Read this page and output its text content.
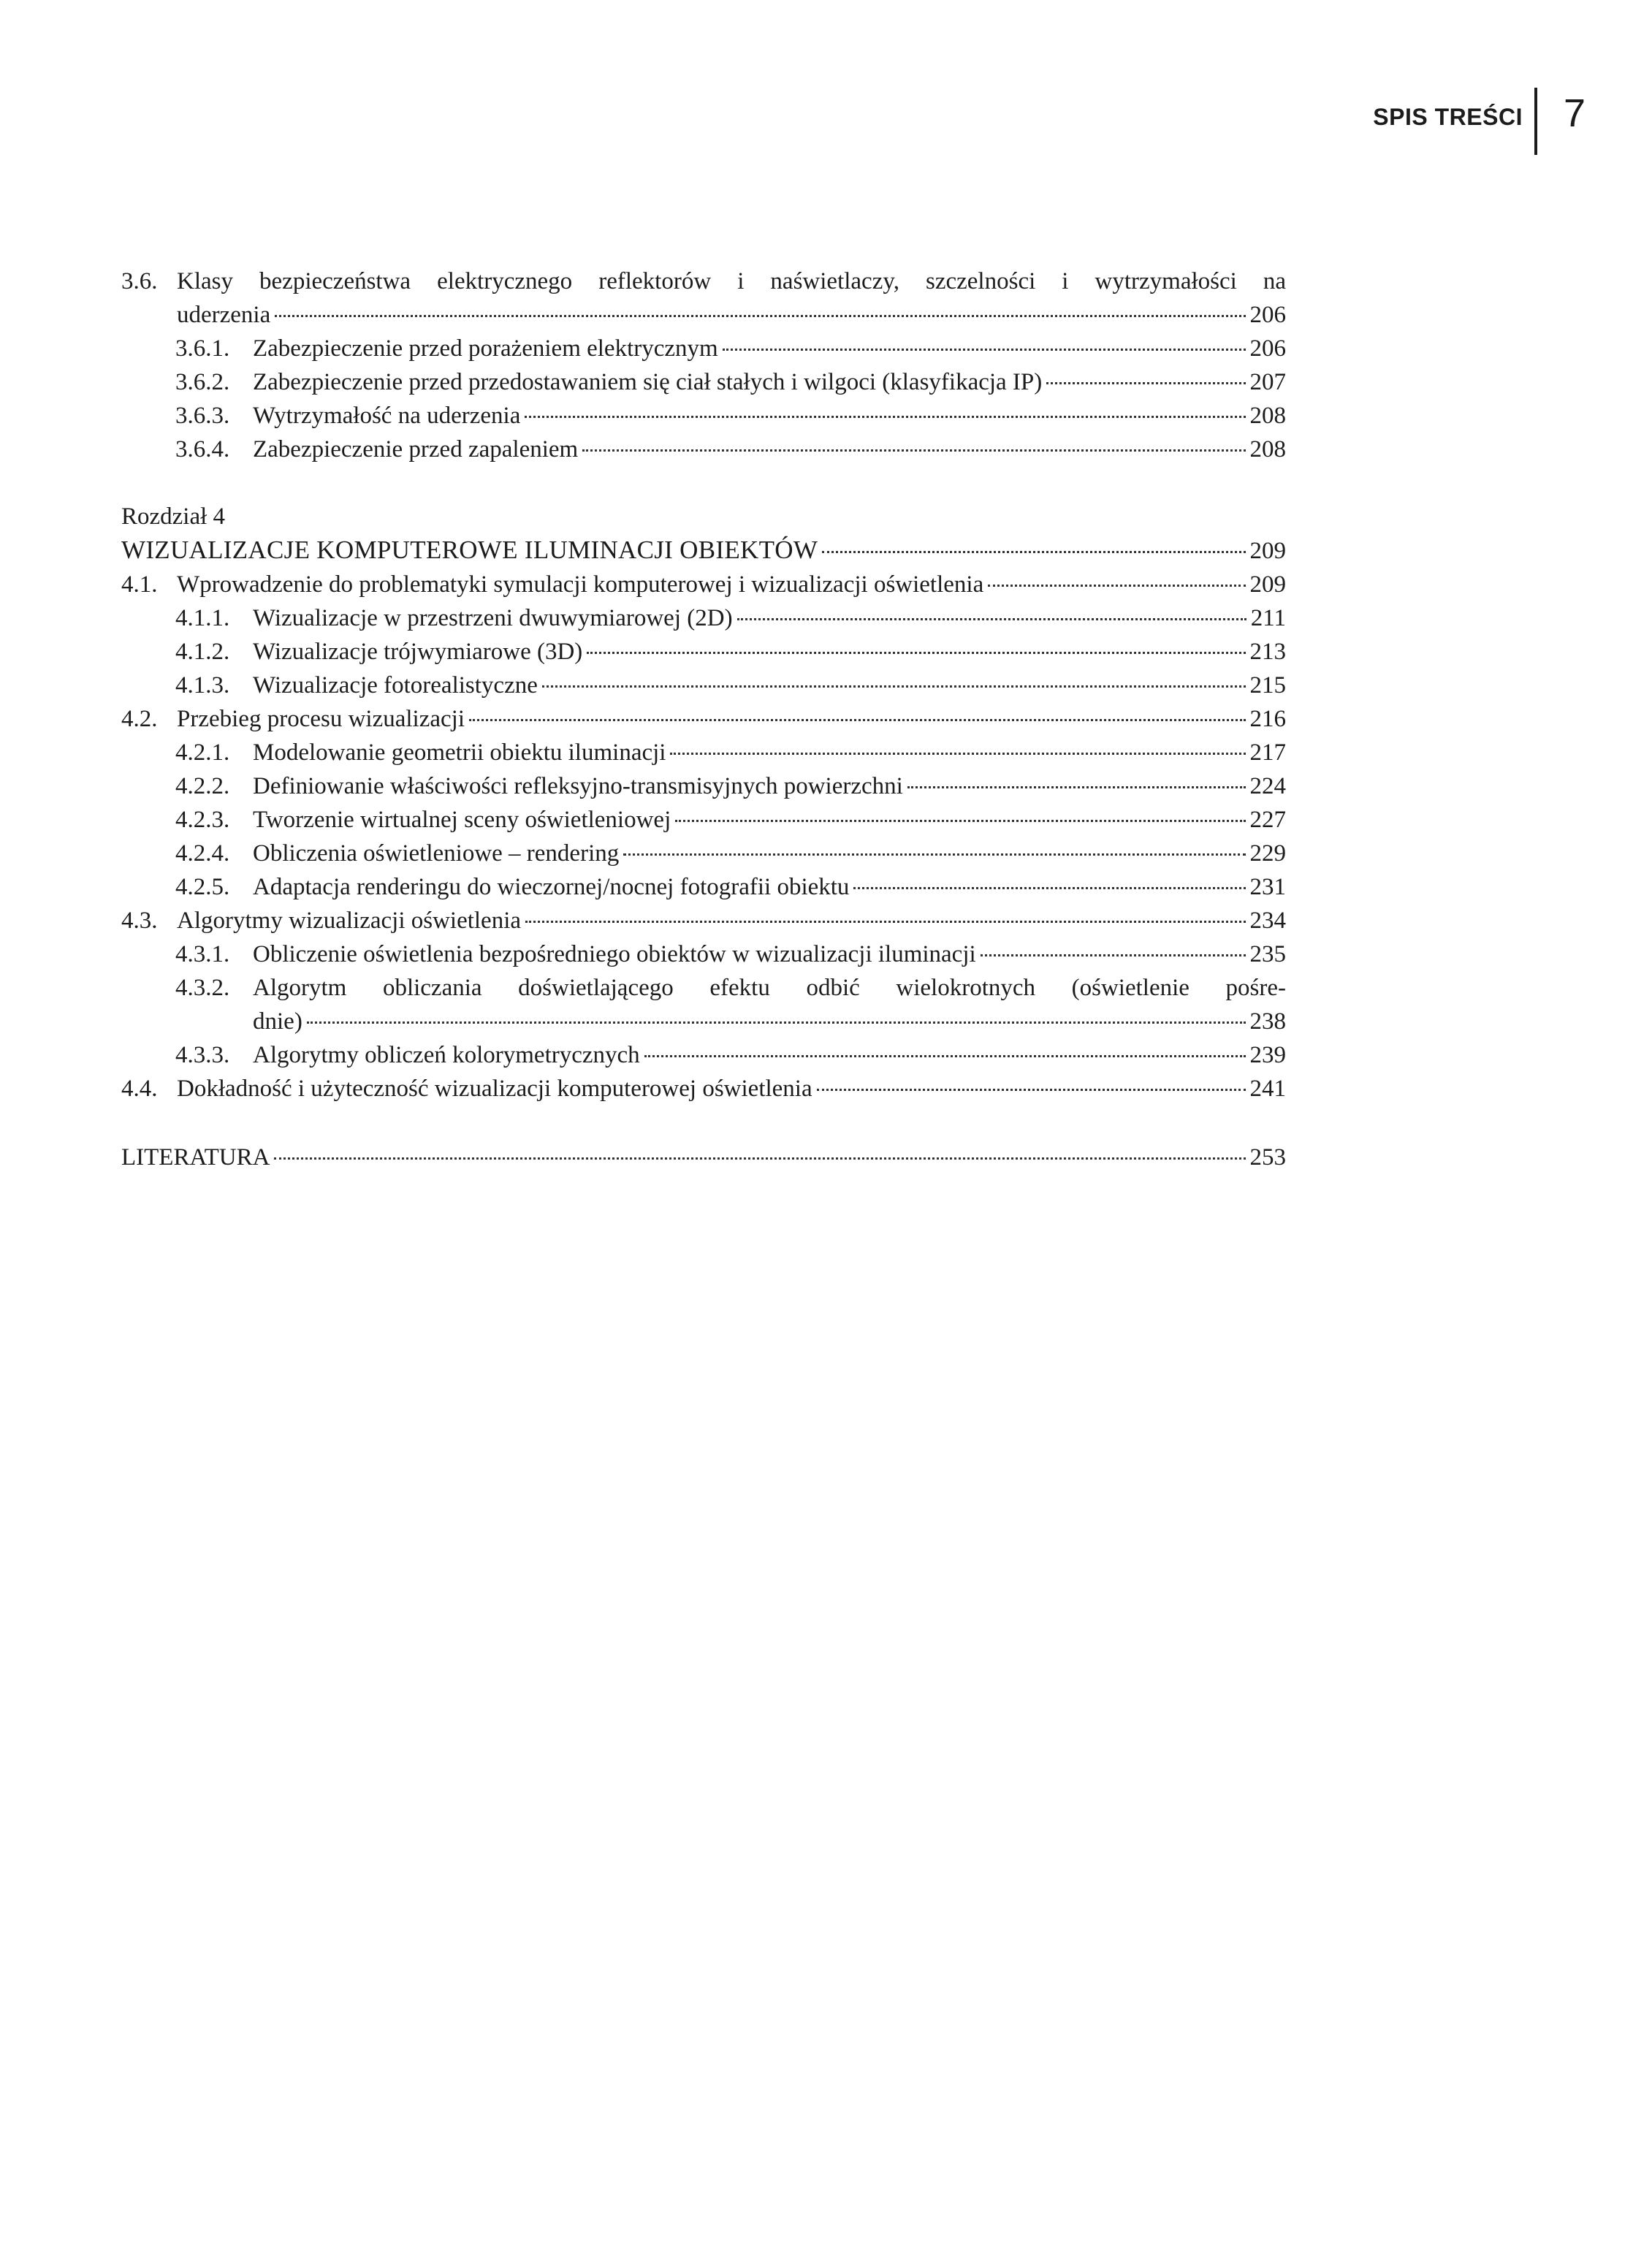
SPIS TREŚCI 7
3.6. Klasy bezpieczeństwa elektrycznego reflektorów i naświetlaczy, szczelności i wytrzymałości na
uderzenia	206
3.6.1. Zabezpieczenie przed porażeniem elektrycznym	206
3.6.2. Zabezpieczenie przed przedostawaniem się ciał stałych i wilgoci (klasyfikacja IP)	207
3.6.3. Wytrzymałość na uderzenia	208
3.6.4. Zabezpieczenie przed zapaleniem	208
Rozdział 4
WIZUALIZACJE KOMPUTEROWE ILUMINACJI OBIEKTÓW	209
4.1. Wprowadzenie do problematyki symulacji komputerowej i wizualizacji oświetlenia	209
4.1.1. Wizualizacje w przestrzeni dwuwymiarowej (2D)	211
4.1.2. Wizualizacje trójwymiarowe (3D)	213
4.1.3. Wizualizacje fotorealistyczne	215
4.2. Przebieg procesu wizualizacji	216
4.2.1. Modelowanie geometrii obiektu iluminacji	217
4.2.2. Definiowanie właściwości refleksyjno-transmisyjnych powierzchni	224
4.2.3. Tworzenie wirtualnej sceny oświetleniowej	227
4.2.4. Obliczenia oświetleniowe – rendering	229
4.2.5. Adaptacja renderingu do wieczornej/nocnej fotografii obiektu	231
4.3. Algorytmy wizualizacji oświetlenia	234
4.3.1. Obliczenie oświetlenia bezpośredniego obiektów w wizualizacji iluminacji	235
4.3.2. Algorytm obliczania doświetlającego efektu odbić wielokrotnych (oświetlenie pośre-
dnie)	238
4.3.3. Algorytmy obliczeń kolorymetrycznych	239
4.4. Dokładność i użyteczność wizualizacji komputerowej oświetlenia	241
LITERATURA	253
